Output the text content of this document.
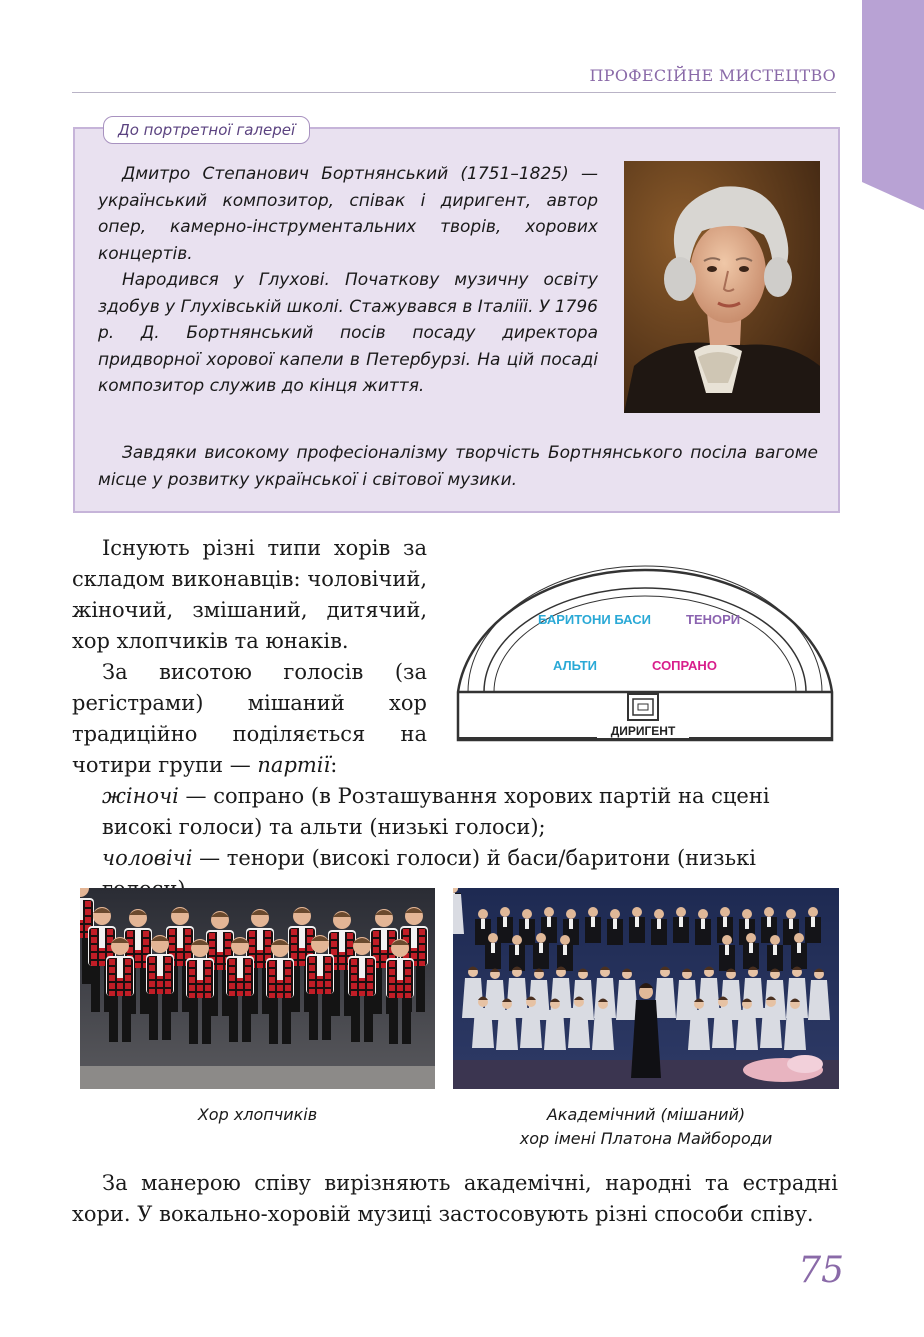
ПРОФЕСІЙНЕ МИСТЕЦТВО
До портретної галереї

Дмитро Степанович Бортнянський (1751–1825) — український композитор, співак і диригент, автор опер, камерно-інструментальних творів, хорових концертів.

Народився у Глухові. Початкову музичну освіту здобув у Глухівській школі. Стажувався в Італіїі. У 1796 р. Д. Бортнянський посів посаду директора придворної хорової капели в Петербурзі. На цій посаді композитор служив до кінця життя.

Завдяки високому професіоналізму творчість Бортнянського посіла вагоме місце у розвитку української і світової музики.

Існують різні типи хорів за складом виконавців: чоловічий, жіночий, змішаний, дитячий, хор хлопчиків та юнаків.

За висотою голосів (за регістрами) мішаний хор традиційно поділяється на чотири групи — партії:

БАРИТОНИ БАСИ	ТЕНОРИ
АЛЬТИ	СОПРАНО
ДИРИГЕНТ

жіночі — сопрано (в Розташування хорових партій на сцені високі голоси) та альти (низькі голоси);

чоловічі — тенори (високі голоси) й баси/баритони (низькі

Хор хлопчиків	Академічний (мішаний)
хор імені Платона Майбороди

За манерою співу вирізняють академічні, народні та естрадні хори. У вокально-хоровій музиці застосовують різні способи співу.

75
